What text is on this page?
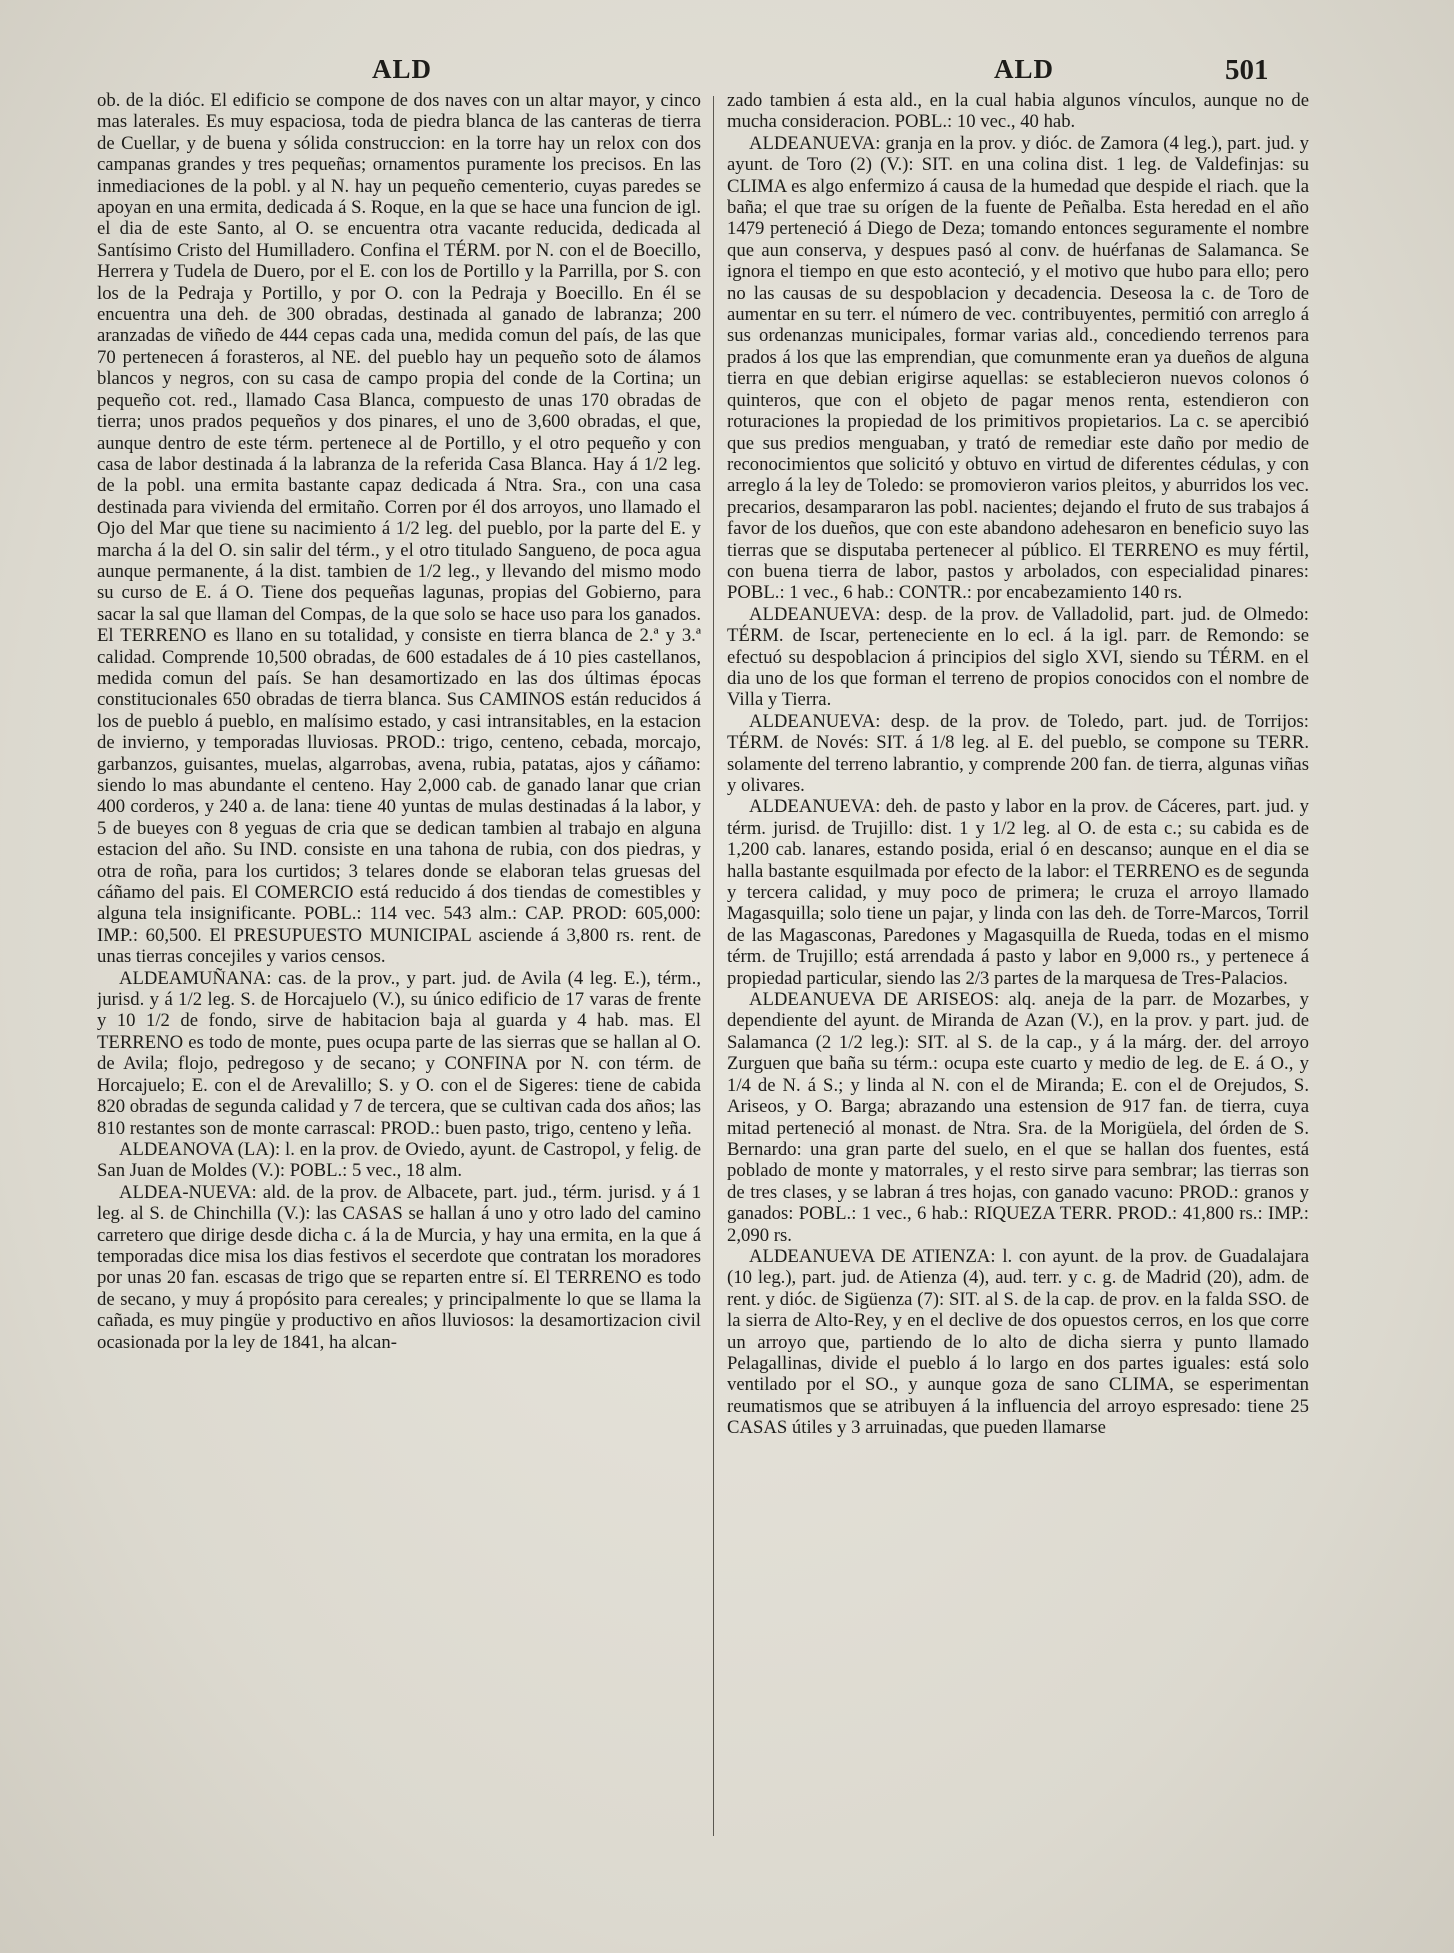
ALD	ALD	501

ob. de la dióc. El edificio se compone de dos naves con un altar mayor, y cinco mas laterales. Es muy espaciosa, toda de piedra blanca de las canteras de tierra de Cuellar, y de buena y sólida construccion: en la torre hay un relox con dos campanas grandes y tres pequeñas; ornamentos puramente los precisos. En las inmediaciones de la pobl. y al N. hay un pequeño cementerio, cuyas paredes se apoyan en una ermita, dedicada á S. Roque, en la que se hace una funcion de igl. el dia de este Santo, al O. se encuentra otra vacante reducida, dedicada al Santísimo Cristo del Humilladero. Confina el TÉRM. por N. con el de Boecillo, Herrera y Tudela de Duero, por el E. con los de Portillo y la Parrilla, por S. con los de la Pedraja y Portillo, y por O. con la Pedraja y Boecillo. En él se encuentra una deh. de 300 obradas, destinada al ganado de labranza; 200 aranzadas de viñedo de 444 cepas cada una, medida comun del país, de las que 70 pertenecen á forasteros, al NE. del pueblo hay un pequeño soto de álamos blancos y negros, con su casa de campo propia del conde de la Cortina; un pequeño cot. red., llamado Casa Blanca, compuesto de unas 170 obradas de tierra; unos prados pequeños y dos pinares, el uno de 3,600 obradas, el que, aunque dentro de este térm. pertenece al de Portillo, y el otro pequeño y con casa de labor destinada á la labranza de la referida Casa Blanca. Hay á 1/2 leg. de la pobl. una ermita bastante capaz dedicada á Ntra. Sra., con una casa destinada para vivienda del ermitaño. Corren por él dos arroyos, uno llamado el Ojo del Mar que tiene su nacimiento á 1/2 leg. del pueblo, por la parte del E. y marcha á la del O. sin salir del térm., y el otro titulado Sangueno, de poca agua aunque permanente, á la dist. tambien de 1/2 leg., y llevando del mismo modo su curso de E. á O. Tiene dos pequeñas lagunas, propias del Gobierno, para sacar la sal que llaman del Compas, de la que solo se hace uso para los ganados. El TERRENO es llano en su totalidad, y consiste en tierra blanca de 2.ª y 3.ª calidad. Comprende 10,500 obradas, de 600 estadales de á 10 pies castellanos, medida comun del país. Se han desamortizado en las dos últimas épocas constitucionales 650 obradas de tierra blanca. Sus CAMINOS están reducidos á los de pueblo á pueblo, en malísimo estado, y casi intransitables, en la estacion de invierno, y temporadas lluviosas. PROD.: trigo, centeno, cebada, morcajo, garbanzos, guisantes, muelas, algarrobas, avena, rubia, patatas, ajos y cáñamo: siendo lo mas abundante el centeno. Hay 2,000 cab. de ganado lanar que crian 400 corderos, y 240 a. de lana: tiene 40 yuntas de mulas destinadas á la labor, y 5 de bueyes con 8 yeguas de cria que se dedican tambien al trabajo en alguna estacion del año. Su IND. consiste en una tahona de rubia, con dos piedras, y otra de roña, para los curtidos; 3 telares donde se elaboran telas gruesas del cáñamo del pais. El COMERCIO está reducido á dos tiendas de comestibles y alguna tela insignificante. POBL.: 114 vec. 543 alm.: CAP. PROD: 605,000: IMP.: 60,500. El PRESUPUESTO MUNICIPAL asciende á 3,800 rs. rent. de unas tierras concejiles y varios censos.

ALDEAMUÑANA: cas. de la prov., y part. jud. de Avila (4 leg. E.), térm., jurisd. y á 1/2 leg. S. de Horcajuelo (V.), su único edificio de 17 varas de frente y 10 1/2 de fondo, sirve de habitacion baja al guarda y 4 hab. mas. El TERRENO es todo de monte, pues ocupa parte de las sierras que se hallan al O. de Avila; flojo, pedregoso y de secano; y CONFINA por N. con térm. de Horcajuelo; E. con el de Arevalillo; S. y O. con el de Sigeres: tiene de cabida 820 obradas de segunda calidad y 7 de tercera, que se cultivan cada dos años; las 810 restantes son de monte carrascal: PROD.: buen pasto, trigo, centeno y leña.

ALDEANOVA (LA): l. en la prov. de Oviedo, ayunt. de Castropol, y felig. de San Juan de Moldes (V.): POBL.: 5 vec., 18 alm.

ALDEA-NUEVA: ald. de la prov. de Albacete, part. jud., térm. jurisd. y á 1 leg. al S. de Chinchilla (V.): las CASAS se hallan á uno y otro lado del camino carretero que dirige desde dicha c. á la de Murcia, y hay una ermita, en la que á temporadas dice misa los dias festivos el secerdote que contratan los moradores por unas 20 fan. escasas de trigo que se reparten entre sí. El TERRENO es todo de secano, y muy á propósito para cereales; y principalmente lo que se llama la cañada, es muy pingüe y productivo en años lluviosos: la desamortizacion civil ocasionada por la ley de 1841, ha alcan-

zado tambien á esta ald., en la cual habia algunos vínculos, aunque no de mucha consideracion. POBL.: 10 vec., 40 hab.

ALDEANUEVA: granja en la prov. y dióc. de Zamora (4 leg.), part. jud. y ayunt. de Toro (2) (V.): SIT. en una colina dist. 1 leg. de Valdefinjas: su CLIMA es algo enfermizo á causa de la humedad que despide el riach. que la baña; el que trae su orígen de la fuente de Peñalba. Esta heredad en el año 1479 perteneció á Diego de Deza; tomando entonces seguramente el nombre que aun conserva, y despues pasó al conv. de huérfanas de Salamanca. Se ignora el tiempo en que esto aconteció, y el motivo que hubo para ello; pero no las causas de su despoblacion y decadencia. Deseosa la c. de Toro de aumentar en su terr. el número de vec. contribuyentes, permitió con arreglo á sus ordenanzas municipales, formar varias ald., concediendo terrenos para prados á los que las emprendian, que comunmente eran ya dueños de alguna tierra en que debian erigirse aquellas: se establecieron nuevos colonos ó quinteros, que con el objeto de pagar menos renta, estendieron con roturaciones la propiedad de los primitivos propietarios. La c. se apercibió que sus predios menguaban, y trató de remediar este daño por medio de reconocimientos que solicitó y obtuvo en virtud de diferentes cédulas, y con arreglo á la ley de Toledo: se promovieron varios pleitos, y aburridos los vec. precarios, desampararon las pobl. nacientes; dejando el fruto de sus trabajos á favor de los dueños, que con este abandono adehesaron en beneficio suyo las tierras que se disputaba pertenecer al público. El TERRENO es muy fértil, con buena tierra de labor, pastos y arbolados, con especialidad pinares: POBL.: 1 vec., 6 hab.: CONTR.: por encabezamiento 140 rs.

ALDEANUEVA: desp. de la prov. de Valladolid, part. jud. de Olmedo: TÉRM. de Iscar, perteneciente en lo ecl. á la igl. parr. de Remondo: se efectuó su despoblacion á principios del siglo XVI, siendo su TÉRM. en el dia uno de los que forman el terreno de propios conocidos con el nombre de Villa y Tierra.

ALDEANUEVA: desp. de la prov. de Toledo, part. jud. de Torrijos: TÉRM. de Novés: SIT. á 1/8 leg. al E. del pueblo, se compone su TERR. solamente del terreno labrantio, y comprende 200 fan. de tierra, algunas viñas y olivares.

ALDEANUEVA: deh. de pasto y labor en la prov. de Cáceres, part. jud. y térm. jurisd. de Trujillo: dist. 1 y 1/2 leg. al O. de esta c.; su cabida es de 1,200 cab. lanares, estando posida, erial ó en descanso; aunque en el dia se halla bastante esquilmada por efecto de la labor: el TERRENO es de segunda y tercera calidad, y muy poco de primera; le cruza el arroyo llamado Magasquilla; solo tiene un pajar, y linda con las deh. de Torre-Marcos, Torril de las Magasconas, Paredones y Magasquilla de Rueda, todas en el mismo térm. de Trujillo; está arrendada á pasto y labor en 9,000 rs., y pertenece á propiedad particular, siendo las 2/3 partes de la marquesa de Tres-Palacios.

ALDEANUEVA DE ARISEOS: alq. aneja de la parr. de Mozarbes, y dependiente del ayunt. de Miranda de Azan (V.), en la prov. y part. jud. de Salamanca (2 1/2 leg.): SIT. al S. de la cap., y á la márg. der. del arroyo Zurguen que baña su térm.: ocupa este cuarto y medio de leg. de E. á O., y 1/4 de N. á S.; y linda al N. con el de Miranda; E. con el de Orejudos, S. Ariseos, y O. Barga; abrazando una estension de 917 fan. de tierra, cuya mitad perteneció al monast. de Ntra. Sra. de la Morigüela, del órden de S. Bernardo: una gran parte del suelo, en el que se hallan dos fuentes, está poblado de monte y matorrales, y el resto sirve para sembrar; las tierras son de tres clases, y se labran á tres hojas, con ganado vacuno: PROD.: granos y ganados: POBL.: 1 vec., 6 hab.: RIQUEZA TERR. PROD.: 41,800 rs.: IMP.: 2,090 rs.

ALDEANUEVA DE ATIENZA: l. con ayunt. de la prov. de Guadalajara (10 leg.), part. jud. de Atienza (4), aud. terr. y c. g. de Madrid (20), adm. de rent. y dióc. de Sigüenza (7): SIT. al S. de la cap. de prov. en la falda SSO. de la sierra de Alto-Rey, y en el declive de dos opuestos cerros, en los que corre un arroyo que, partiendo de lo alto de dicha sierra y punto llamado Pelagallinas, divide el pueblo á lo largo en dos partes iguales: está solo ventilado por el SO., y aunque goza de sano CLIMA, se esperimentan reumatismos que se atribuyen á la influencia del arroyo espresado: tiene 25 CASAS útiles y 3 arruinadas, que pueden llamarse
